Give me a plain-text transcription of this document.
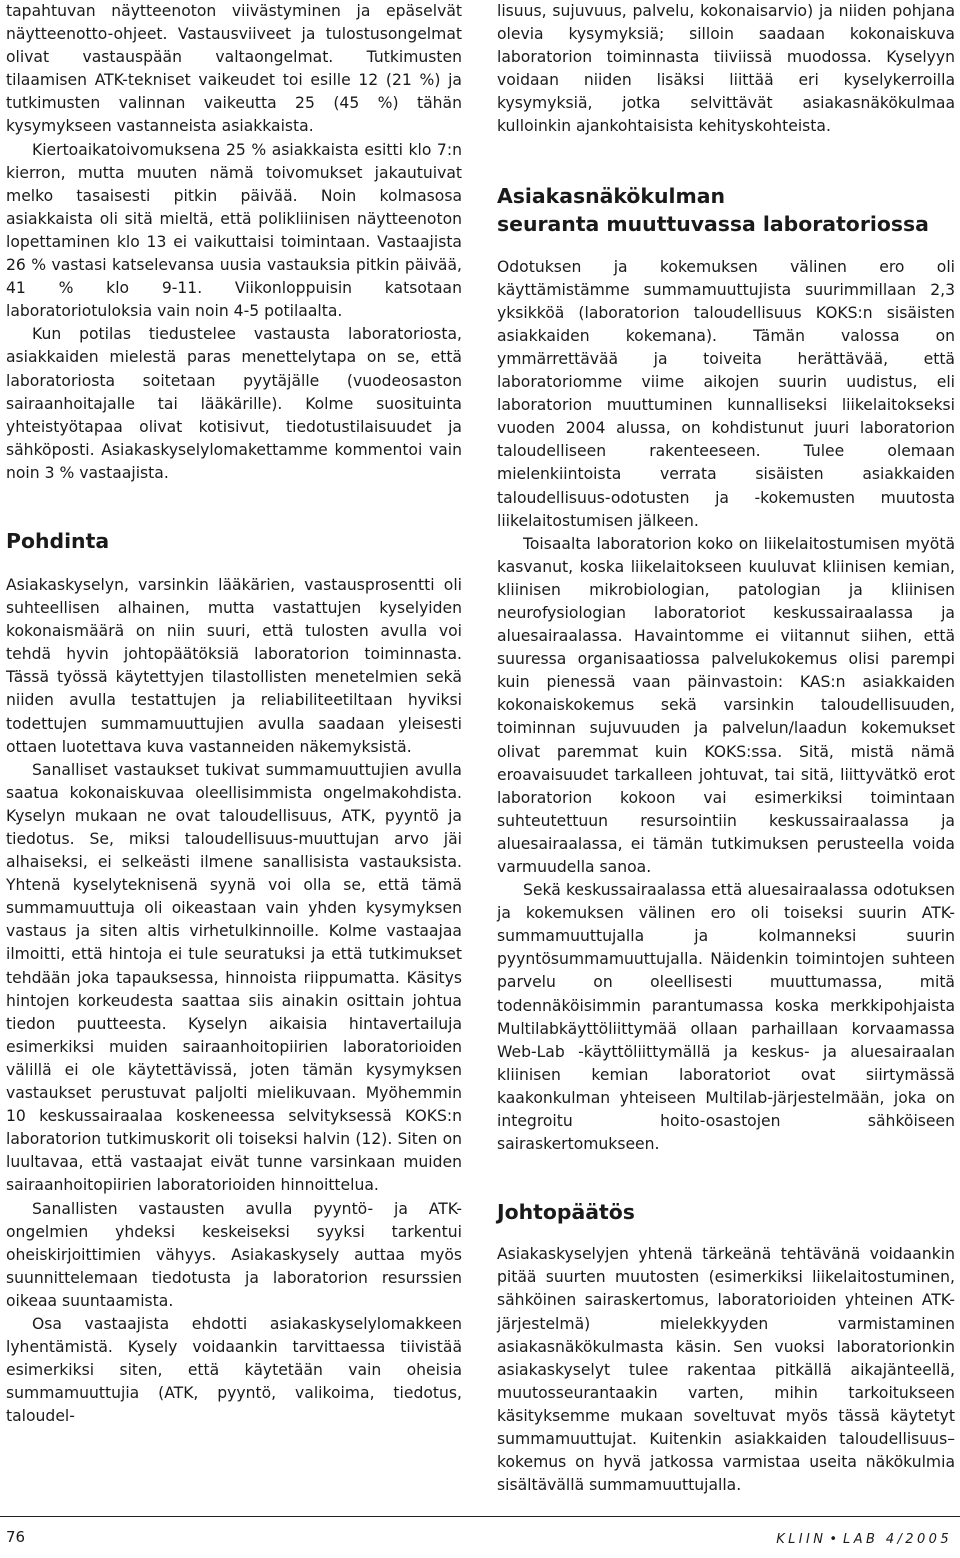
tapahtuvan näytteenoton viivästyminen ja epäselvät näytteenotto-ohjeet. Vastausviiveet ja tulostusongelmat olivat vastauspään valtaongelmat. Tutkimusten tilaamisen ATK-tekniset vaikeudet toi esille 12 (21 %) ja tutkimusten valinnan vaikeutta 25 (45 %) tähän kysymykseen vastanneista asiakkaista.

Kiertoaikatoivomuksena 25 % asiakkaista esitti klo 7:n kierron, mutta muuten nämä toivomukset jakautuivat melko tasaisesti pitkin päivää. Noin kolmasosa asiakkaista oli sitä mieltä, että polikliinisen näytteenoton lopettaminen klo 13 ei vaikuttaisi toimintaan. Vastaajista 26 % vastasi katselevansa uusia vastauksia pitkin päivää, 41 % klo 9-11. Viikonloppuisin katsotaan laboratoriotuloksia vain noin 4-5 potilaalta.

Kun potilas tiedustelee vastausta laboratoriosta, asiakkaiden mielestä paras menettelytapa on se, että laboratoriosta soitetaan pyytäjälle (vuodeosaston sairaanhoitajalle tai lääkärille). Kolme suosituinta yhteistyötapaa olivat kotisivut, tiedotustilaisuudet ja sähköposti. Asiakaskyselylomakettamme kommentoi vain noin 3 % vastaajista.

Pohdinta

Asiakaskyselyn, varsinkin lääkärien, vastausprosentti oli suhteellisen alhainen, mutta vastattujen kyselyiden kokonaismäärä on niin suuri, että tulosten avulla voi tehdä hyvin johtopäätöksiä laboratorion toiminnasta. Tässä työssä käytettyjen tilastollisten menetelmien sekä niiden avulla testattujen ja reliabiliteetiltaan hyviksi todettujen summamuuttujien avulla saadaan yleisesti ottaen luotettava kuva vastanneiden näkemyksistä.

Sanalliset vastaukset tukivat summamuuttujien avulla saatua kokonaiskuvaa oleellisimmista ongelmakohdista. Kyselyn mukaan ne ovat taloudellisuus, ATK, pyyntö ja tiedotus. Se, miksi taloudellisuus-muuttujan arvo jäi alhaiseksi, ei selkeästi ilmene sanallisista vastauksista. Yhtenä kyselyteknisenä syynä voi olla se, että tämä summamuuttuja oli oikeastaan vain yhden kysymyksen vastaus ja siten altis virhetulkinnoille. Kolme vastaajaa ilmoitti, että hintoja ei tule seuratuksi ja että tutkimukset tehdään joka tapauksessa, hinnoista riippumatta. Käsitys hintojen korkeudesta saattaa siis ainakin osittain johtua tiedon puutteesta. Kyselyn aikaisia hintavertailuja esimerkiksi muiden sairaanhoitopiirien laboratorioiden välillä ei ole käytettävissä, joten tämän kysymyksen vastaukset perustuvat paljolti mielikuvaan. Myöhemmin 10 keskussairaalaa koskeneessa selvityksessä KOKS:n laboratorion tutkimuskorit oli toiseksi halvin (12). Siten on luultavaa, että vastaajat eivät tunne varsinkaan muiden sairaanhoitopiirien laboratorioiden hinnoittelua.

Sanallisten vastausten avulla pyyntö- ja ATK-ongelmien yhdeksi keskeiseksi syyksi tarkentui oheiskirjoittimien vähyys. Asiakaskysely auttaa myös suunnittelemaan tiedotusta ja laboratorion resurssien oikeaa suuntaamista.

Osa vastaajista ehdotti asiakaskyselylomakkeen lyhentämistä. Kysely voidaankin tarvittaessa tiivistää esimerkiksi siten, että käytetään vain oheisia summamuuttujia (ATK, pyyntö, valikoima, tiedotus, taloudel-

lisuus, sujuvuus, palvelu, kokonaisarvio) ja niiden pohjana olevia kysymyksiä; silloin saadaan kokonaiskuva laboratorion toiminnasta tiiviissä muodossa. Kyselyyn voidaan niiden lisäksi liittää eri kyselykerroilla kysymyksiä, jotka selvittävät asiakasnäkökulmaa kulloinkin ajankohtaisista kehityskohteista.

Asiakasnäkökulman
seuranta muuttuvassa laboratoriossa

Odotuksen ja kokemuksen välinen ero oli käyttämistämme summamuuttujista suurimmillaan 2,3 yksikköä (laboratorion taloudellisuus KOKS:n sisäisten asiakkaiden kokemana). Tämän valossa on ymmärrettävää ja toiveita herättävää, että laboratoriomme viime aikojen suurin uudistus, eli laboratorion muuttuminen kunnalliseksi liikelaitokseksi vuoden 2004 alussa, on kohdistunut juuri laboratorion taloudelliseen rakenteeseen. Tulee olemaan mielenkiintoista verrata sisäisten asiakkaiden taloudellisuus-odotusten ja -kokemusten muutosta liikelaitostumisen jälkeen.

Toisaalta laboratorion koko on liikelaitostumisen myötä kasvanut, koska liikelaitokseen kuuluvat kliinisen kemian, kliinisen mikrobiologian, patologian ja kliinisen neurofysiologian laboratoriot keskussairaalassa ja aluesairaalassa. Havaintomme ei viitannut siihen, että suuressa organisaatiossa palvelukokemus olisi parempi kuin pienessä vaan päinvastoin: KAS:n asiakkaiden kokonaiskokemus sekä varsinkin taloudellisuuden, toiminnan sujuvuuden ja palvelun/laadun kokemukset olivat paremmat kuin KOKS:ssa. Sitä, mistä nämä eroavaisuudet tarkalleen johtuvat, tai sitä, liittyvätkö erot laboratorion kokoon vai esimerkiksi toimintaan suhteutettuun resursointiin keskussairaalassa ja aluesairaalassa, ei tämän tutkimuksen perusteella voida varmuudella sanoa.

Sekä keskussairaalassa että aluesairaalassa odotuksen ja kokemuksen välinen ero oli toiseksi suurin ATK-summamuuttujalla ja kolmanneksi suurin pyyntösummamuuttujalla. Näidenkin toimintojen suhteen parvelu on oleellisesti muuttumassa, mitä todennäköisimmin parantumassa koska merkkipohjaista Multilabkäyttöliittymää ollaan parhaillaan korvaamassa Web-Lab -käyttöliittymällä ja keskus- ja aluesairaalan kliinisen kemian laboratoriot ovat siirtymässä kaakonkulman yhteiseen Multilab-järjestelmään, joka on integroitu hoito-osastojen sähköiseen sairaskertomukseen.

Johtopäätös

Asiakaskyselyjen yhtenä tärkeänä tehtävänä voidaankin pitää suurten muutosten (esimerkiksi liikelaitostuminen, sähköinen sairaskertomus, laboratorioiden yhteinen ATK-järjestelmä) mielekkyyden varmistaminen asiakasnäkökulmasta käsin. Sen vuoksi laboratorionkin asiakaskyselyt tulee rakentaa pitkällä aikajänteellä, muutosseurantaakin varten, mihin tarkoitukseen käsityksemme mukaan soveltuvat myös tässä käytetyt summamuuttujat. Kuitenkin asiakkaiden taloudellisuus–kokemus on hyvä jatkossa varmistaa useita näkökulmia sisältävällä summamuuttujalla.

76	KLIIN • LAB 4/2005
